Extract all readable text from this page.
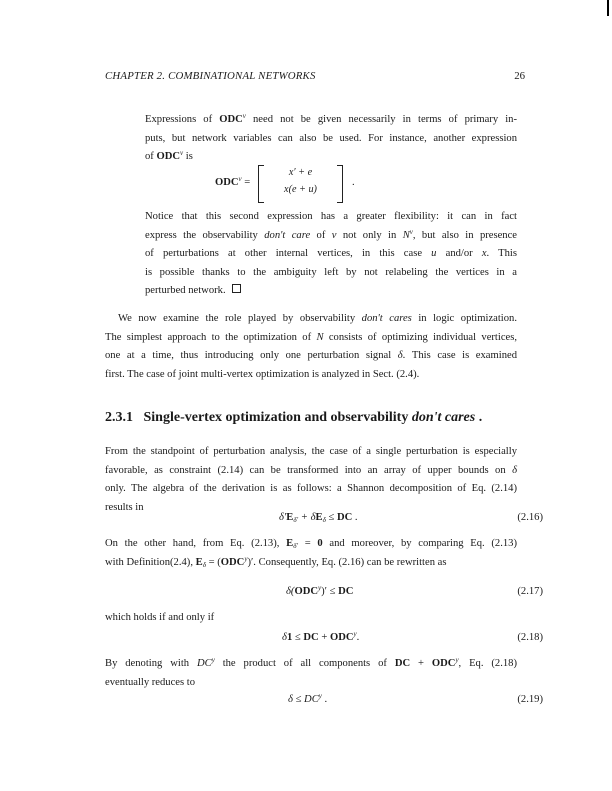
CHAPTER 2. COMBINATIONAL NETWORKS	26
Expressions of ODC$^v$ need not be given necessarily in terms of primary in-
puts, but network variables can also be used. For instance, another expression
of ODC$^v$ is
$ODC^v$ =
x′ + e
x(e + u)
.
Notice that this second expression has a greater flexibility: it can in fact
express the observability don't care of v not only in $N^v$, but also in presence
of perturbations at other internal vertices, in this case u and/or x. This
is possible thanks to the ambiguity left by not relabeling the vertices in a
perturbed network.
We now examine the role played by observability don't cares in logic optimization.
The simplest approach to the optimization of N consists of optimizing individual vertices,
one at a time, thus introducing only one perturbation signal δ. This case is examined
first. The case of joint multi-vertex optimization is analyzed in Sect. (2.4).
2.3.1 Single-vertex optimization and observability don't cares .
From the standpoint of perturbation analysis, the case of a single perturbation is especially
favorable, as constraint (2.14) can be transformed into an array of upper bounds on δ
only. The algebra of the derivation is as follows: a Shannon decomposition of Eq. (2.14)
results in
$\delta'E_{\delta'} + \delta E_\delta$ ≤ DC .	(2.16)
On the other hand, from Eq. (2.13), $E_{\delta'} = 0$ and moreover, by comparing Eq. (2.13)
with Definition(2.4), $E_\delta = (ODC^y)'$. Consequently, Eq. (2.16) can be rewritten as
$\delta(ODC^y)'$ ≤ DC	(2.17)
which holds if and only if
δ1 ≤ DC + $ODC^y$.	(2.18)
By denoting with $DC^y$ the product of all components of DC + $ODC^y$, Eq. (2.18)
eventually reduces to
$\delta \le DC^y$ .	(2.19)
